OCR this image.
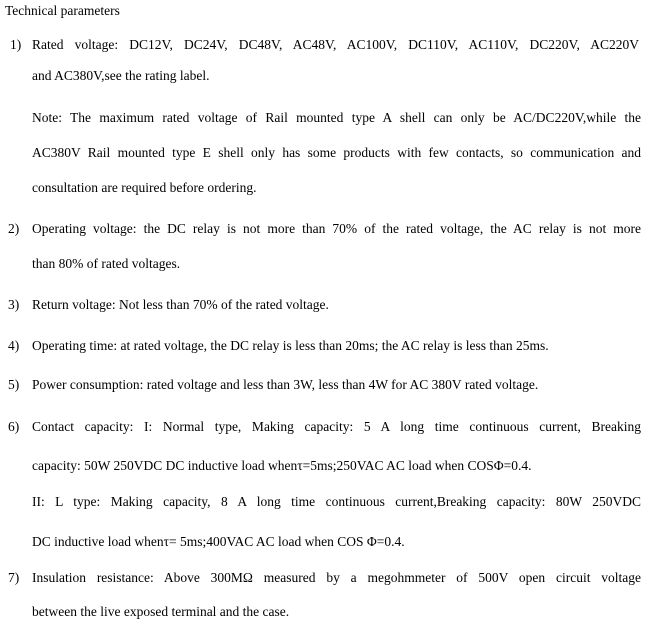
Technical parameters
1) Rated voltage: DC12V, DC24V, DC48V, AC48V, AC100V, DC110V, AC110V, DC220V, AC220V
and AC380V,see the rating label.
Note: The maximum rated voltage of Rail mounted type A shell can only be AC/DC220V,while the
AC380V Rail mounted type E shell only has some products with few contacts, so communication and
consultation are required before ordering.
2) Operating voltage: the DC relay is not more than 70% of the rated voltage, the AC relay is not more
than 80% of rated voltages.
3) Return voltage: Not less than 70% of the rated voltage.
4) Operating time: at rated voltage, the DC relay is less than 20ms; the AC relay is less than 25ms.
5) Power consumption: rated voltage and less than 3W, less than 4W for AC 380V rated voltage.
6) Contact capacity: I: Normal type, Making capacity: 5 A long time continuous current, Breaking
capacity: 50W 250VDC DC inductive load whenτ=5ms;250VAC AC load when COSΦ=0.4.
II: L type: Making capacity, 8 A long time continuous current,Breaking capacity: 80W 250VDC
DC inductive load whenτ= 5ms;400VAC AC load when COS Φ=0.4.
7) Insulation resistance: Above 300MΩ measured by a megohmmeter of 500V open circuit voltage
between the live exposed terminal and the case.
